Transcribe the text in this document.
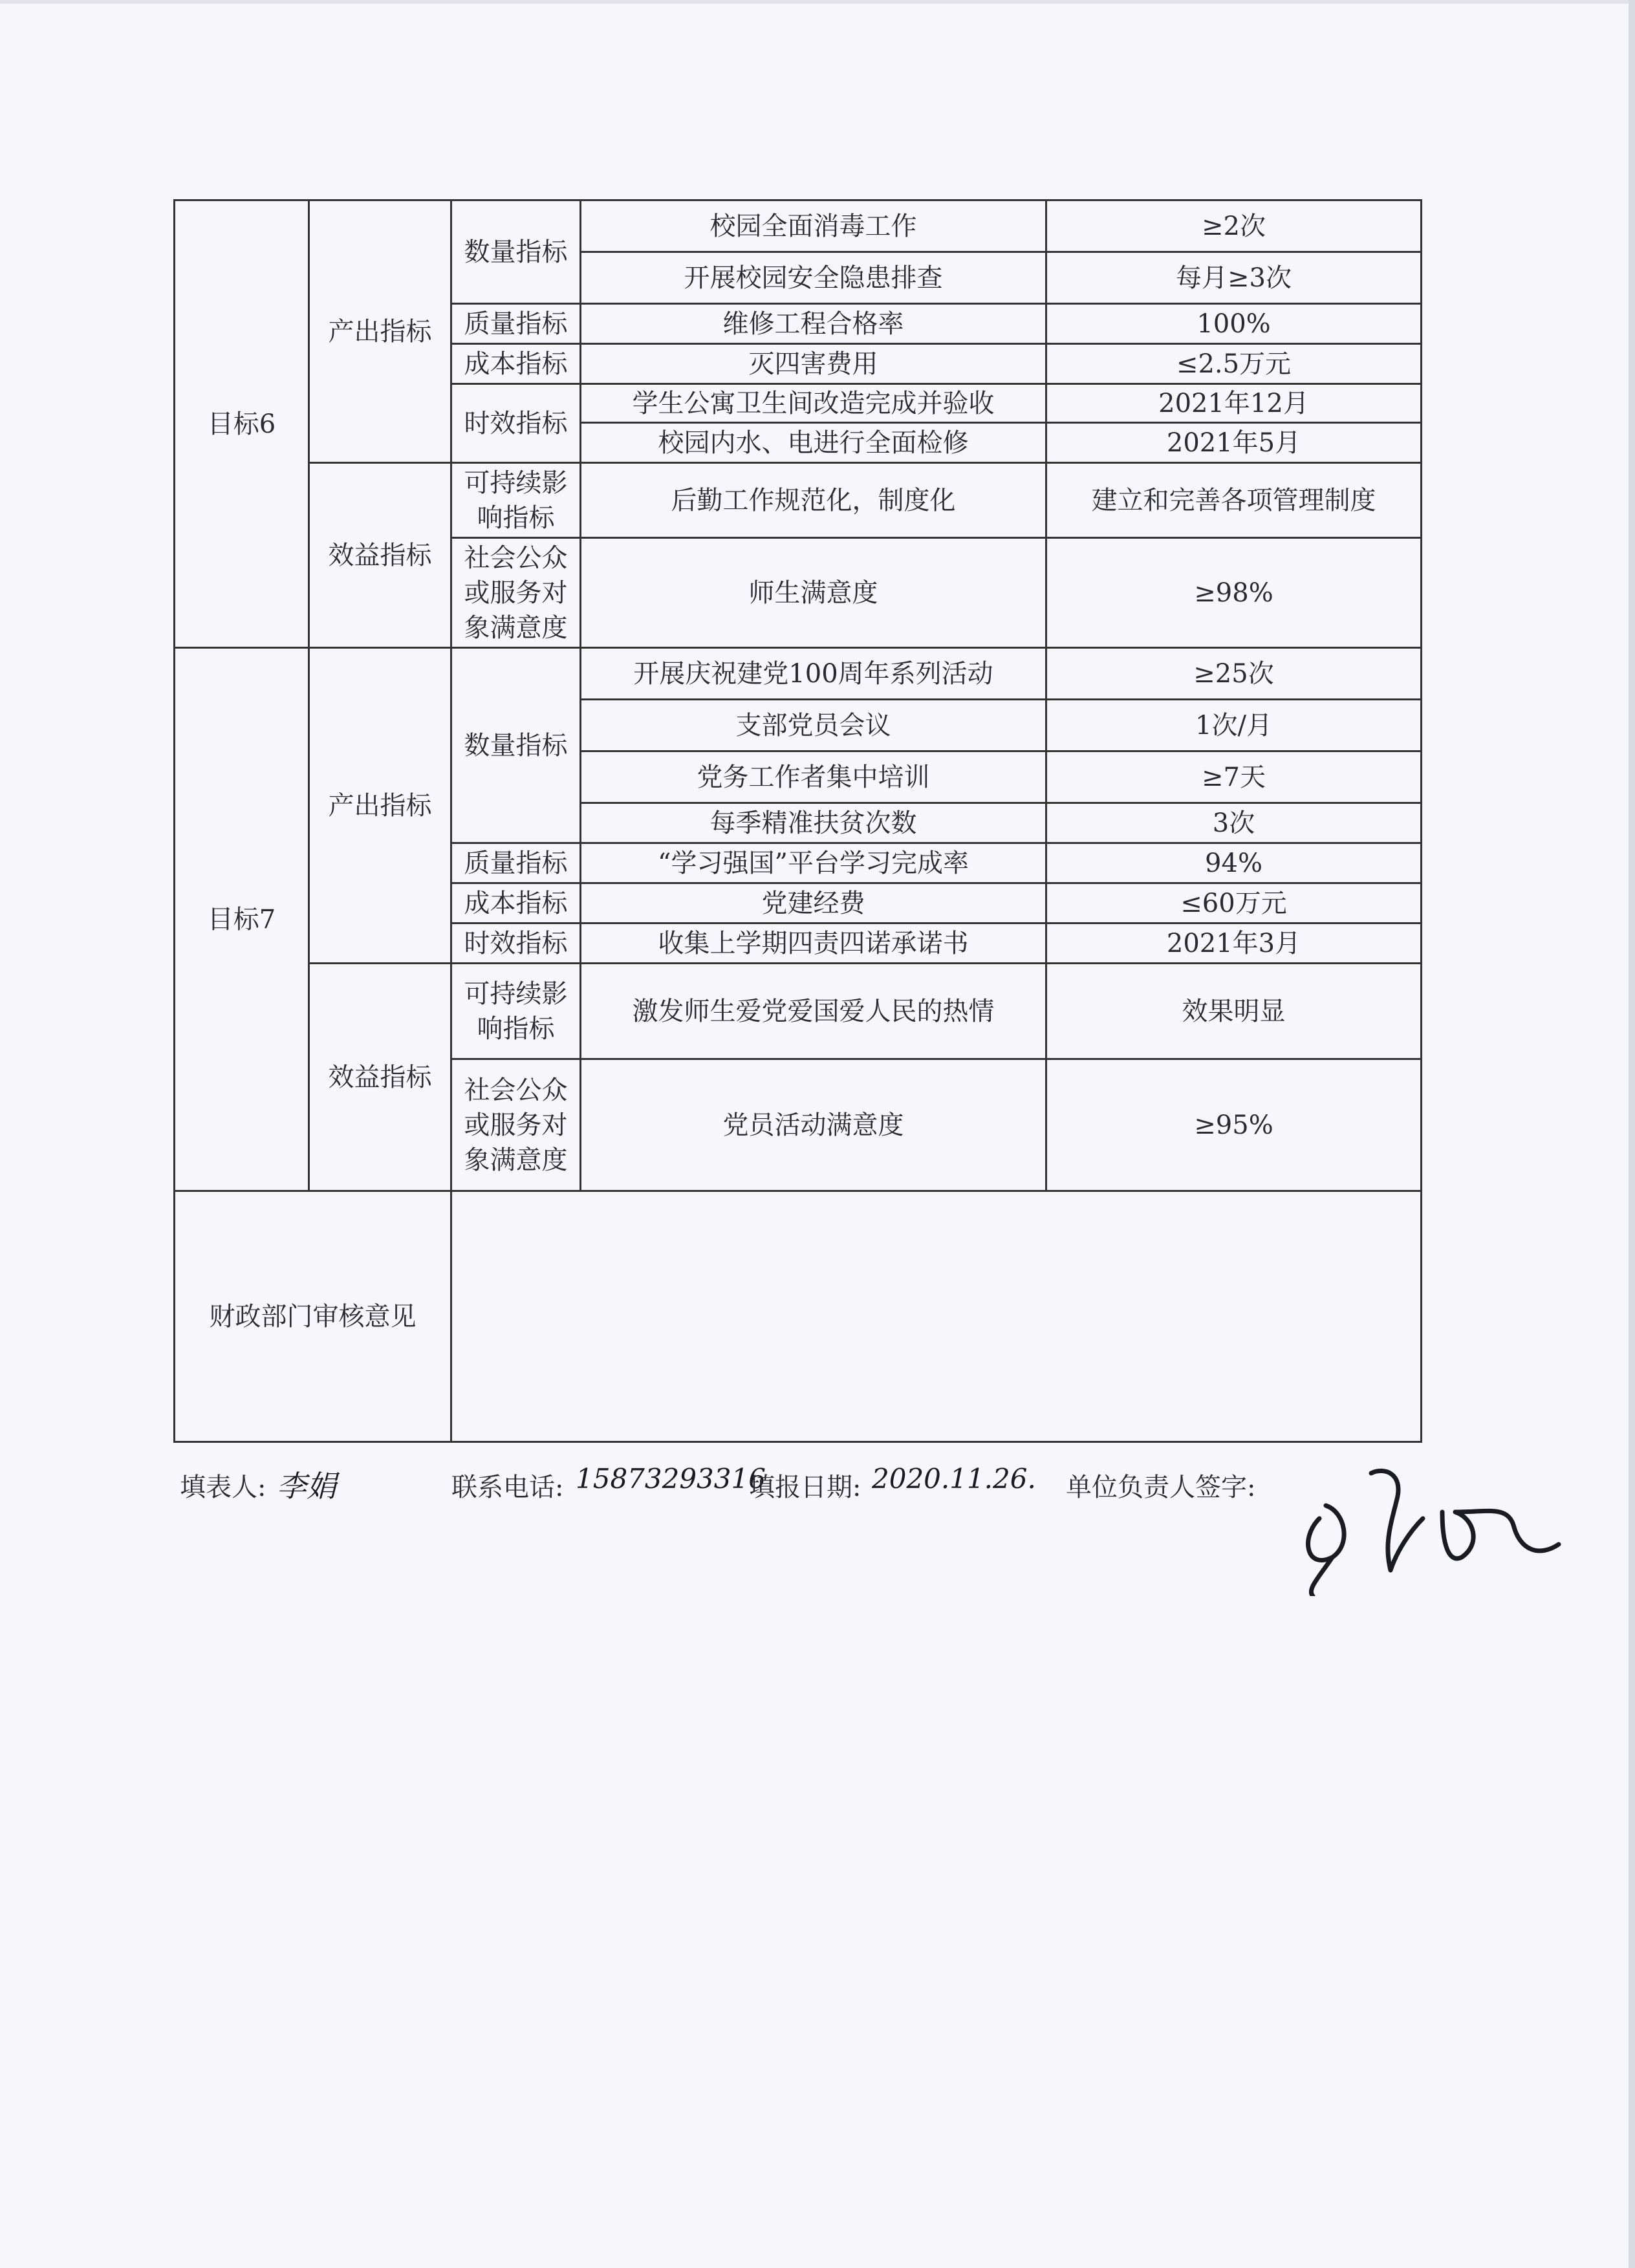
目标6	产出指标	数量指标	校园全面消毒工作	≥2次
			开展校园安全隐患排查	每月≥3次
		质量指标	维修工程合格率	100%
		成本指标	灭四害费用	≤2.5万元
		时效指标	学生公寓卫生间改造完成并验收	2021年12月
			校园内水、电进行全面检修	2021年5月

	效益指标	可持续影响指标	后勤工作规范化，制度化	建立和完善各项管理制度
		社会公众或服务对象满意度	师生满意度	≥98%

目标7	产出指标	数量指标	开展庆祝建党100周年系列活动	≥25次
			支部党员会议	1次/月
			党务工作者集中培训	≥7天
			每季精准扶贫次数	3次
		质量指标	“学习强国”平台学习完成率	94%
		成本指标	党建经费	≤60万元
		时效指标	收集上学期四责四诺承诺书	2021年3月
	效益指标	可持续影响指标	激发师生爱党爱国爱人民的热情	效果明显
		社会公众或服务对象满意度	党员活动满意度	≥95%

财政部门审核意见				
填表人: 李娟	联系电话: 15873293316
填报日期: 2020.11.26. 单位负责人签字:
